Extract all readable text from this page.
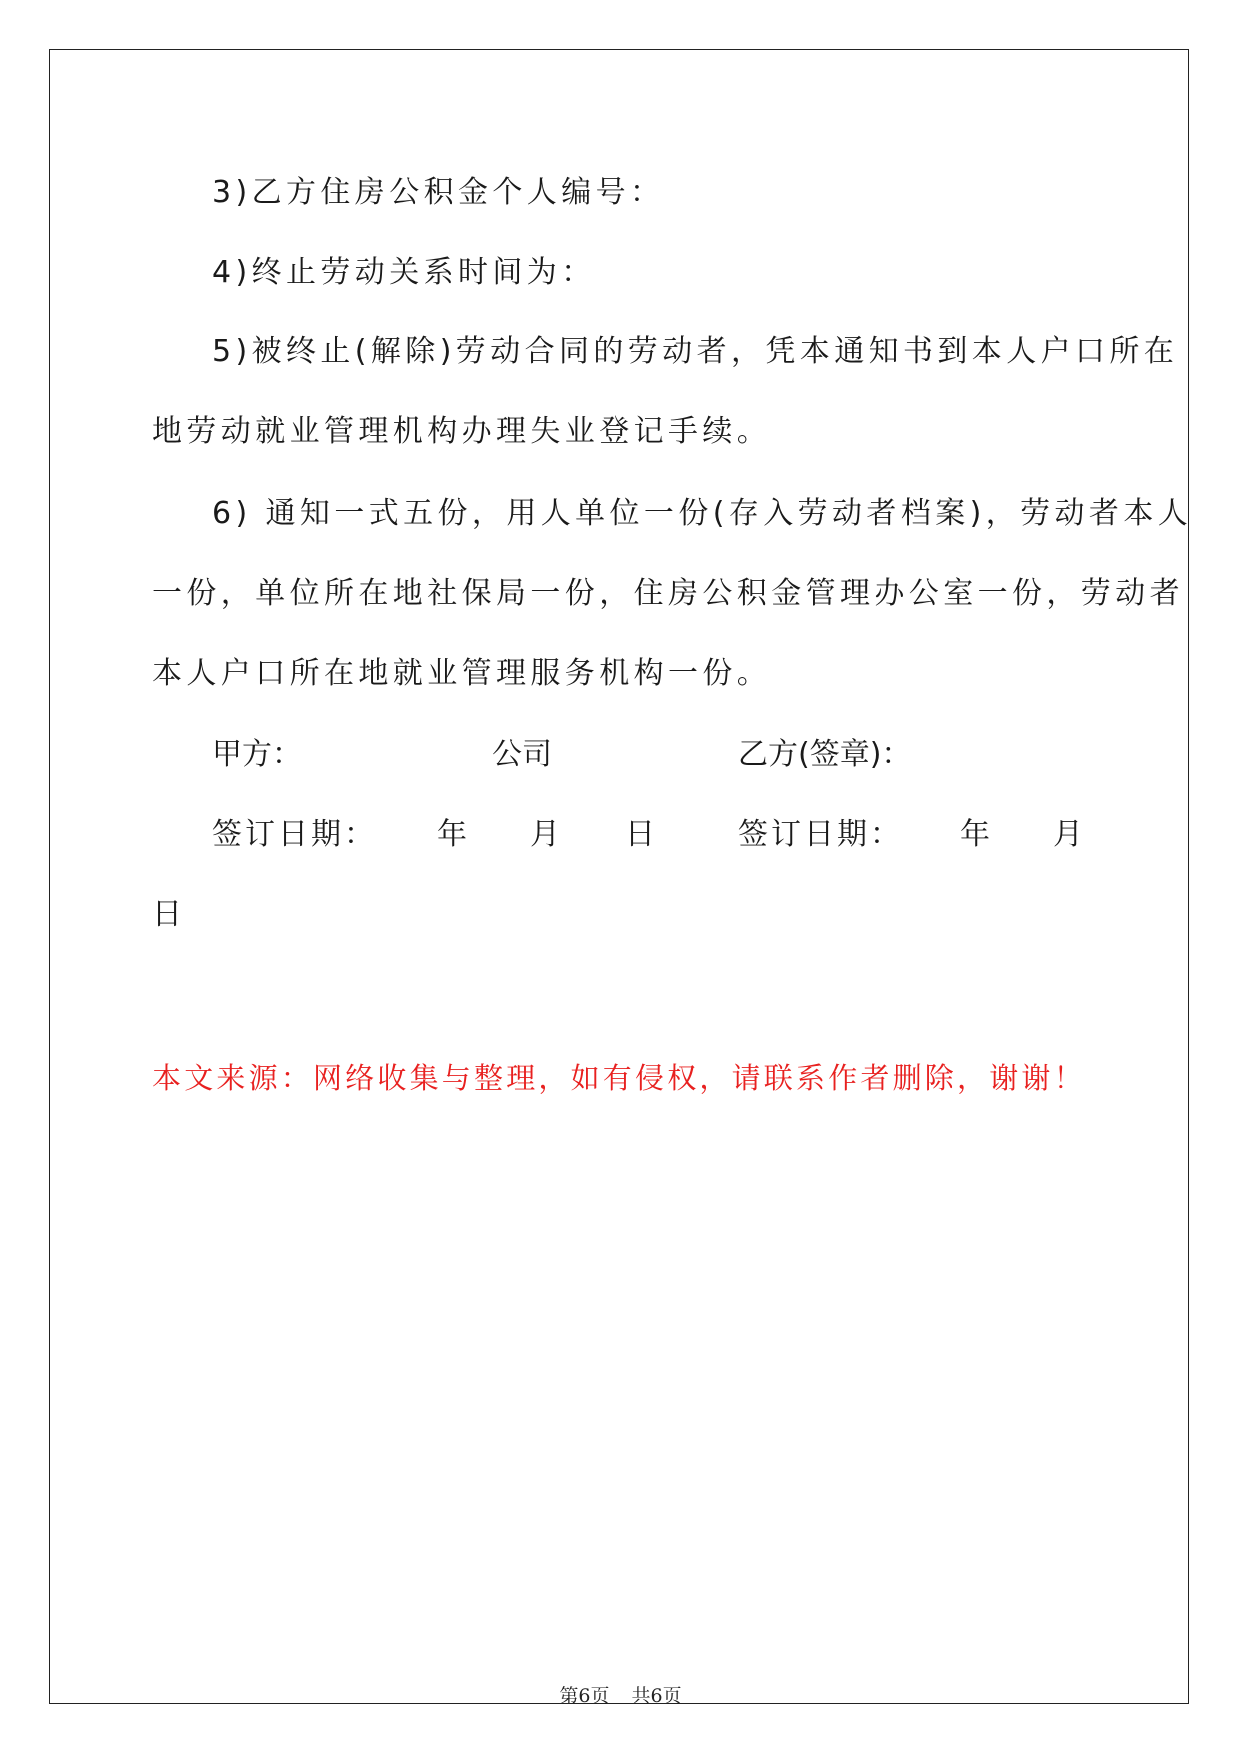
3)乙方住房公积金个人编号：
4)终止劳动关系时间为：
5)被终止(解除)劳动合同的劳动者，凭本通知书到本人户口所在
地劳动就业管理机构办理失业登记手续。
6) 通知一式五份，用人单位一份(存入劳动者档案)，劳动者本人
一份，单位所在地社保局一份，住房公积金管理办公室一份，劳动者
本人户口所在地就业管理服务机构一份。
甲方：	公司	乙方(签章)：
签订日期： 年 月 日	签订日期： 年 月
日
本文来源：网络收集与整理，如有侵权，请联系作者删除，谢谢！
第6页 共6页
